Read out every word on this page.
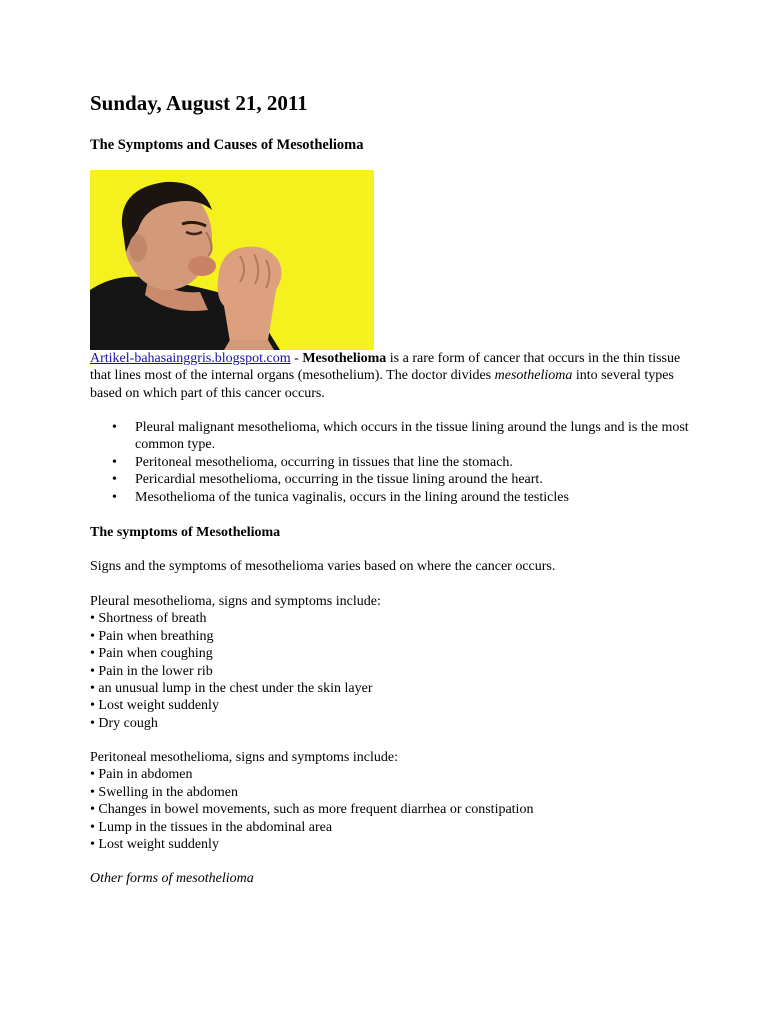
Sunday, August 21, 2011
The Symptoms and Causes of Mesothelioma

Artikel-bahasainggris.blogspot.com - Mesothelioma is a rare form of cancer that occurs in the thin tissue that lines most of the internal organs (mesothelium). The doctor divides mesothelioma into several types based on which part of this cancer occurs.

• Pleural malignant mesothelioma, which occurs in the tissue lining around the lungs and is the most common type.
• Peritoneal mesothelioma, occurring in tissues that line the stomach.
• Pericardial mesothelioma, occurring in the tissue lining around the heart.
• Mesothelioma of the tunica vaginalis, occurs in the lining around the testicles
The symptoms of Mesothelioma

Signs and the symptoms of mesothelioma varies based on where the cancer occurs.

Pleural mesothelioma, signs and symptoms include:
• Shortness of breath
• Pain when breathing
• Pain when coughing
• Pain in the lower rib
• an unusual lump in the chest under the skin layer
• Lost weight suddenly
• Dry cough
Peritoneal mesothelioma, signs and symptoms include:
• Pain in abdomen
• Swelling in the abdomen
• Changes in bowel movements, such as more frequent diarrhea or constipation
• Lump in the tissues in the abdominal area
• Lost weight suddenly

Other forms of mesothelioma
